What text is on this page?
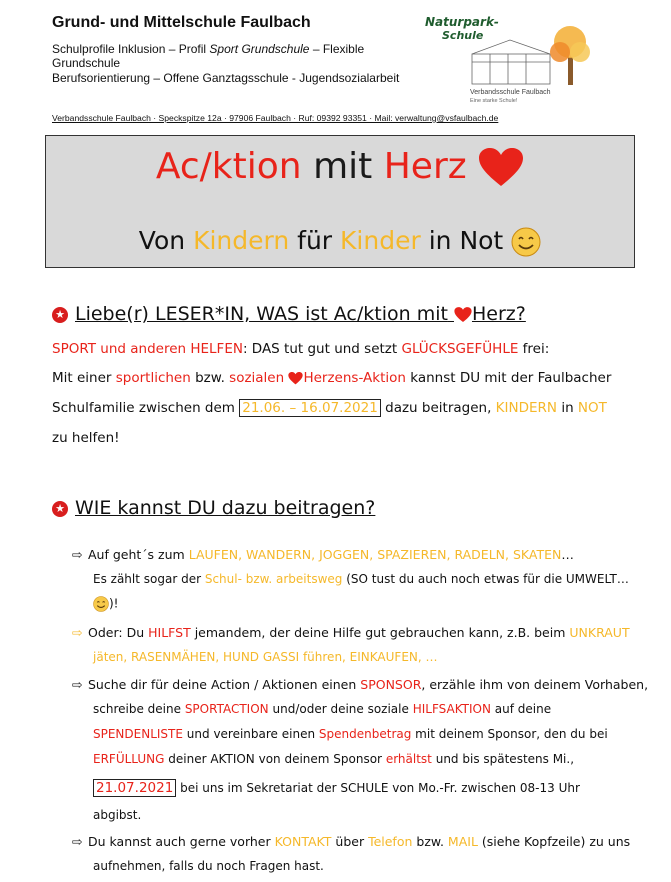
Grund- und Mittelschule Faulbach
Schulprofile Inklusion – Profil Sport Grundschule – Flexible
Grundschule
Berufsorientierung – Offene Ganztagsschule - Jugendsozialarbeit
Verbandsschule Faulbach · Speckspitze 12a · 97906 Faulbach · Ruf: 09392 93351 · Mail: verwaltung@vsfaulbach.de
Naturpark-
Schule
Verbandsschule Faulbach
Eine starke Schule!
Ac/ktion mit Herz
Von Kindern für Kinder in Not
★ Liebe(r) LESER*IN, WAS ist Ac/ktion mit Herz?
SPORT und anderen HELFEN: DAS tut gut und setzt GLÜCKSGEFÜHLE frei:
Mit einer sportlichen bzw. sozialen Herzens-Aktion kannst DU mit der Faulbacher
Schulfamilie zwischen dem 21.06. – 16.07.2021 dazu beitragen, KINDERN in NOT
zu helfen!
★ WIE kannst DU dazu beitragen?
⇨ Auf geht´s zum LAUFEN, WANDERN, JOGGEN, SPAZIEREN, RADELN, SKATEN…
Es zählt sogar der Schul- bzw. arbeitsweg (SO tust du auch noch etwas für die UMWELT…
)!
⇨ Oder: Du HILFST jemandem, der deine Hilfe gut gebrauchen kann, z.B. beim UNKRAUT
jäten, RASENMÄHEN, HUND GASSI führen, EINKAUFEN, …
⇨ Suche dir für deine Action / Aktionen einen SPONSOR, erzähle ihm von deinem Vorhaben,
schreibe deine SPORTACTION und/oder deine soziale HILFSAKTION auf deine
SPENDENLISTE und vereinbare einen Spendenbetrag mit deinem Sponsor, den du bei
ERFÜLLUNG deiner AKTION von deinem Sponsor erhältst und bis spätestens Mi.,
21.07.2021 bei uns im Sekretariat der SCHULE von Mo.-Fr. zwischen 08-13 Uhr
abgibst.
⇨ Du kannst auch gerne vorher KONTAKT über Telefon bzw. MAIL (siehe Kopfzeile) zu uns
aufnehmen, falls du noch Fragen hast.
